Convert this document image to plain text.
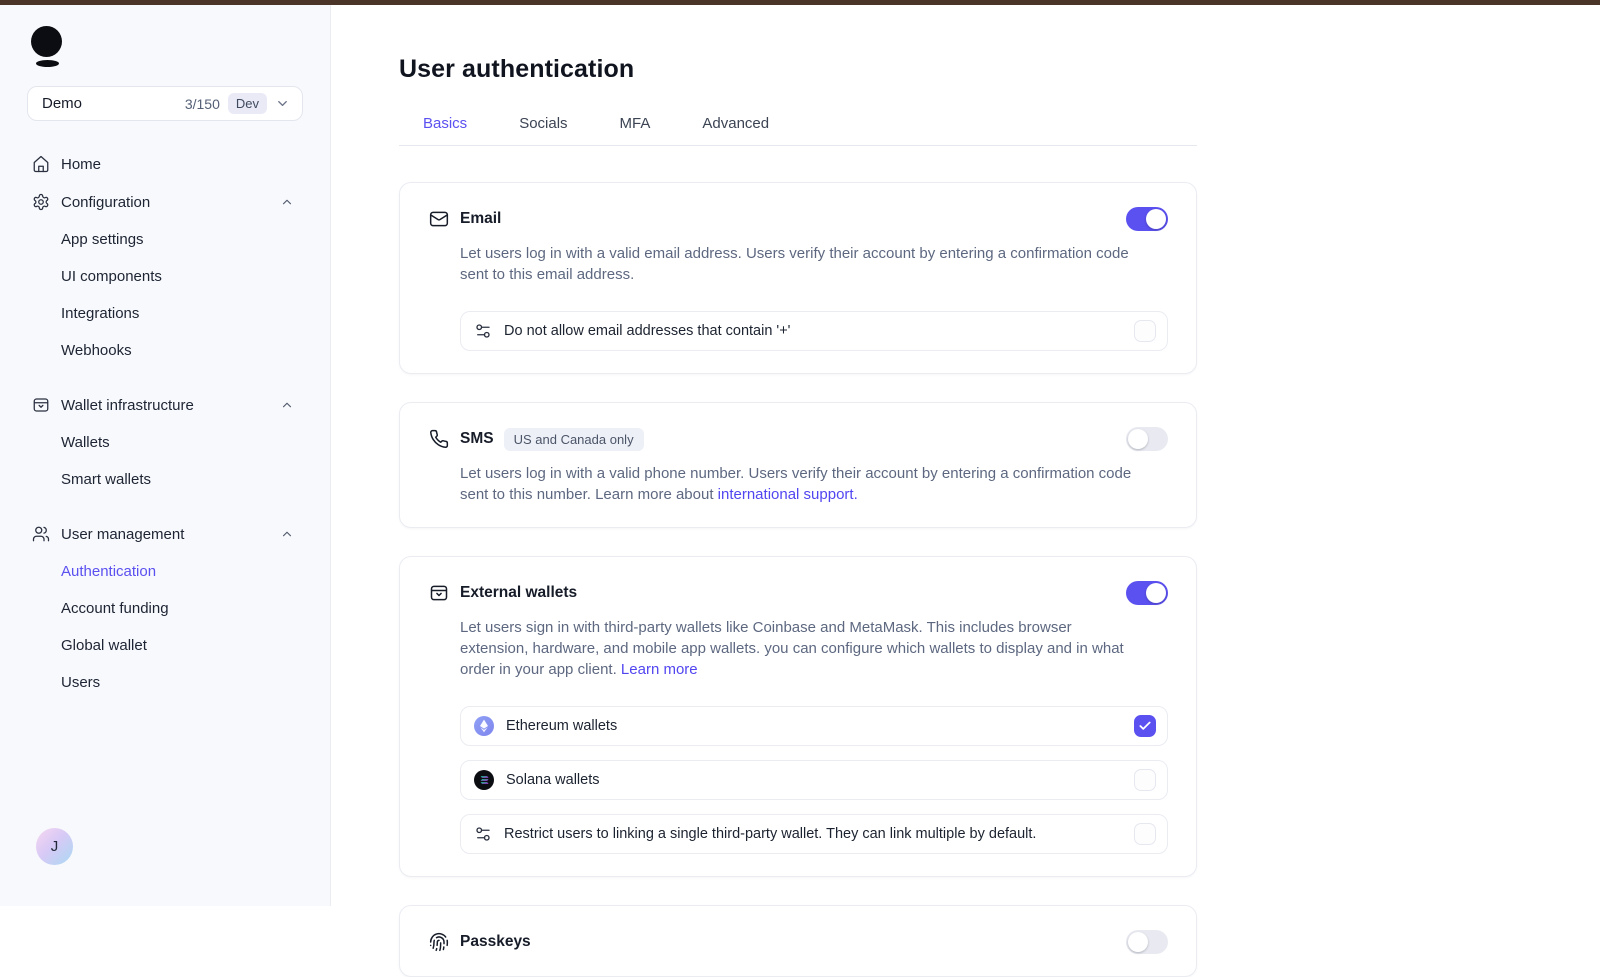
Demo	3/150	Dev
Home
Configuration
App settings
UI components
Integrations
Webhooks
Wallet infrastructure
Wallets
Smart wallets
User management
Authentication
Account funding
Global wallet
Users
J
User authentication
Basics	Socials	MFA	Advanced
Email

Let users log in with a valid email address. Users verify their account by entering a confirmation code sent to this email address.

Do not allow email addresses that contain '+'
SMS	US and Canada only

Let users log in with a valid phone number. Users verify their account by entering a confirmation code sent to this number. Learn more about international support.

External wallets

Let users sign in with third-party wallets like Coinbase and MetaMask. This includes browser extension, hardware, and mobile app wallets. you can configure which wallets to display and in what order in your app client. Learn more

Ethereum wallets
Solana wallets
Restrict users to linking a single third-party wallet. They can link multiple by default.
Passkeys
